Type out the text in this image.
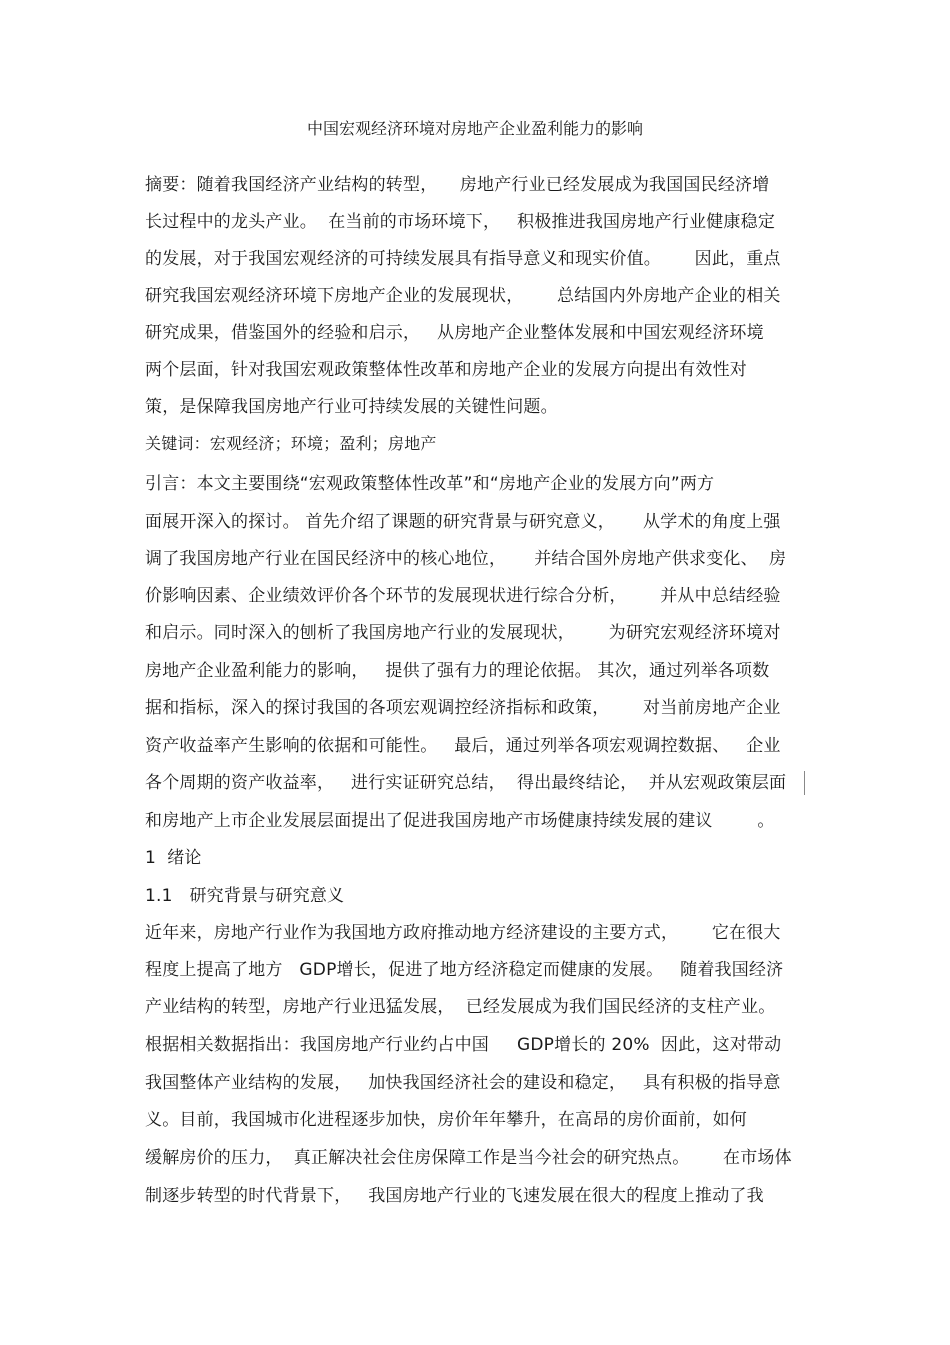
中国宏观经济环境对房地产企业盈利能力的影响
摘要：随着我国经济产业结构的转型，    房地产行业已经发展成为我国国民经济增
长过程中的龙头产业。  在当前的市场环境下，   积极推进我国房地产行业健康稳定
的发展，对于我国宏观经济的可持续发展具有指导意义和现实价值。      因此，重点
研究我国宏观经济环境下房地产企业的发展现状，      总结国内外房地产企业的相关
研究成果，借鉴国外的经验和启示，   从房地产企业整体发展和中国宏观经济环境
两个层面，针对我国宏观政策整体性改革和房地产企业的发展方向提出有效性对
策，是保障我国房地产行业可持续发展的关键性问题。
关键词：宏观经济；环境；盈利；房地产
引言：本文主要围绕“宏观政策整体性改革”和“房地产企业的发展方向”两方
面展开深入的探讨。 首先介绍了课题的研究背景与研究意义，     从学术的角度上强
调了我国房地产行业在国民经济中的核心地位，     并结合国外房地产供求变化、  房
价影响因素、企业绩效评价各个环节的发展现状进行综合分析，      并从中总结经验
和启示。同时深入的刨析了我国房地产行业的发展现状，      为研究宏观经济环境对
房地产企业盈利能力的影响，   提供了强有力的理论依据。 其次，通过列举各项数
据和指标，深入的探讨我国的各项宏观调控经济指标和政策，      对当前房地产企业
资产收益率产生影响的依据和可能性。   最后，通过列举各项宏观调控数据、   企业
各个周期的资产收益率，   进行实证研究总结，  得出最终结论，  并从宏观政策层面
和房地产上市企业发展层面提出了促进我国房地产市场健康持续发展的建议        。
1  绪论
1.1   研究背景与研究意义
近年来，房地产行业作为我国地方政府推动地方经济建设的主要方式，      它在很大
程度上提高了地方   GDP增长，促进了地方经济稳定而健康的发展。   随着我国经济
产业结构的转型，房地产行业迅猛发展，  已经发展成为我们国民经济的支柱产业。
根据相关数据指出：我国房地产行业约占中国     GDP增长的 20%  因此，这对带动
我国整体产业结构的发展，   加快我国经济社会的建设和稳定，   具有积极的指导意
义。目前，我国城市化进程逐步加快，房价年年攀升，在高昂的房价面前，如何
缓解房价的压力，  真正解决社会住房保障工作是当今社会的研究热点。      在市场体
制逐步转型的时代背景下，   我国房地产行业的飞速发展在很大的程度上推动了我
